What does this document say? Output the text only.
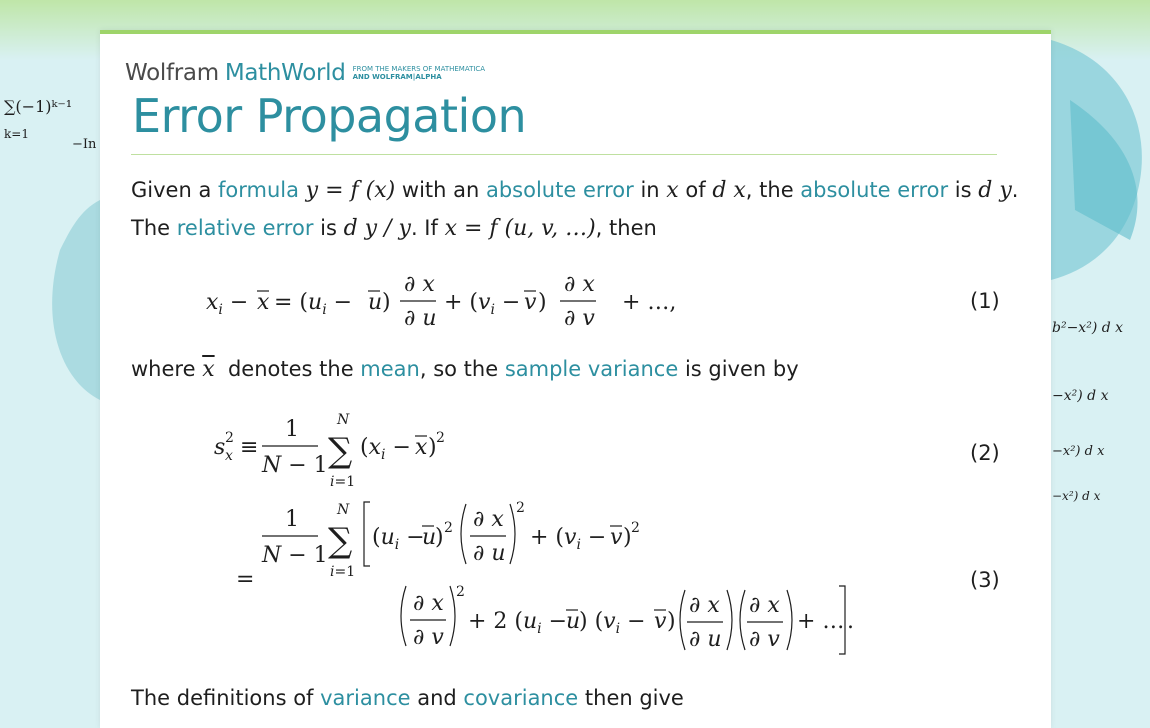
∑(−1)ᵏ⁻¹
k=1
−In
b²−x²) d x
−x²) d x
−x²) d x
−x²) d x
Wolfram MathWorld FROM THE MAKERS OF MATHEMATICA
AND WOLFRAM|ALPHA
Error Propagation
Given a formula y = f (x) with an absolute error in x of d x, the absolute error is d y.
The relative error is d y / y. If x = f (u, v, …), then
$x_i - x = (u_i - u$ )
∂ x
∂ u
+ ($v_i - v$ )
∂ x
∂ v
+ …,	(1)
where $\overline{x}$  denotes the mean, so the sample variance is given by
s 2
x ≡
1
N − 1
N
∑
i=1
($x_i - x$ ) 2
(2)
=
1
N − 1
N
∑
i=1
($u_i$ −
u
) 2 ∂ x
∂ u
2
+ ($v_i - v$ ) 2
∂ x
∂ v
2
+ 2 ($u_i$ −
u
) ($v_i - v$ )
∂ x
∂ u
∂ x
∂ v
+ … .
(3)
The definitions of variance and covariance then give
